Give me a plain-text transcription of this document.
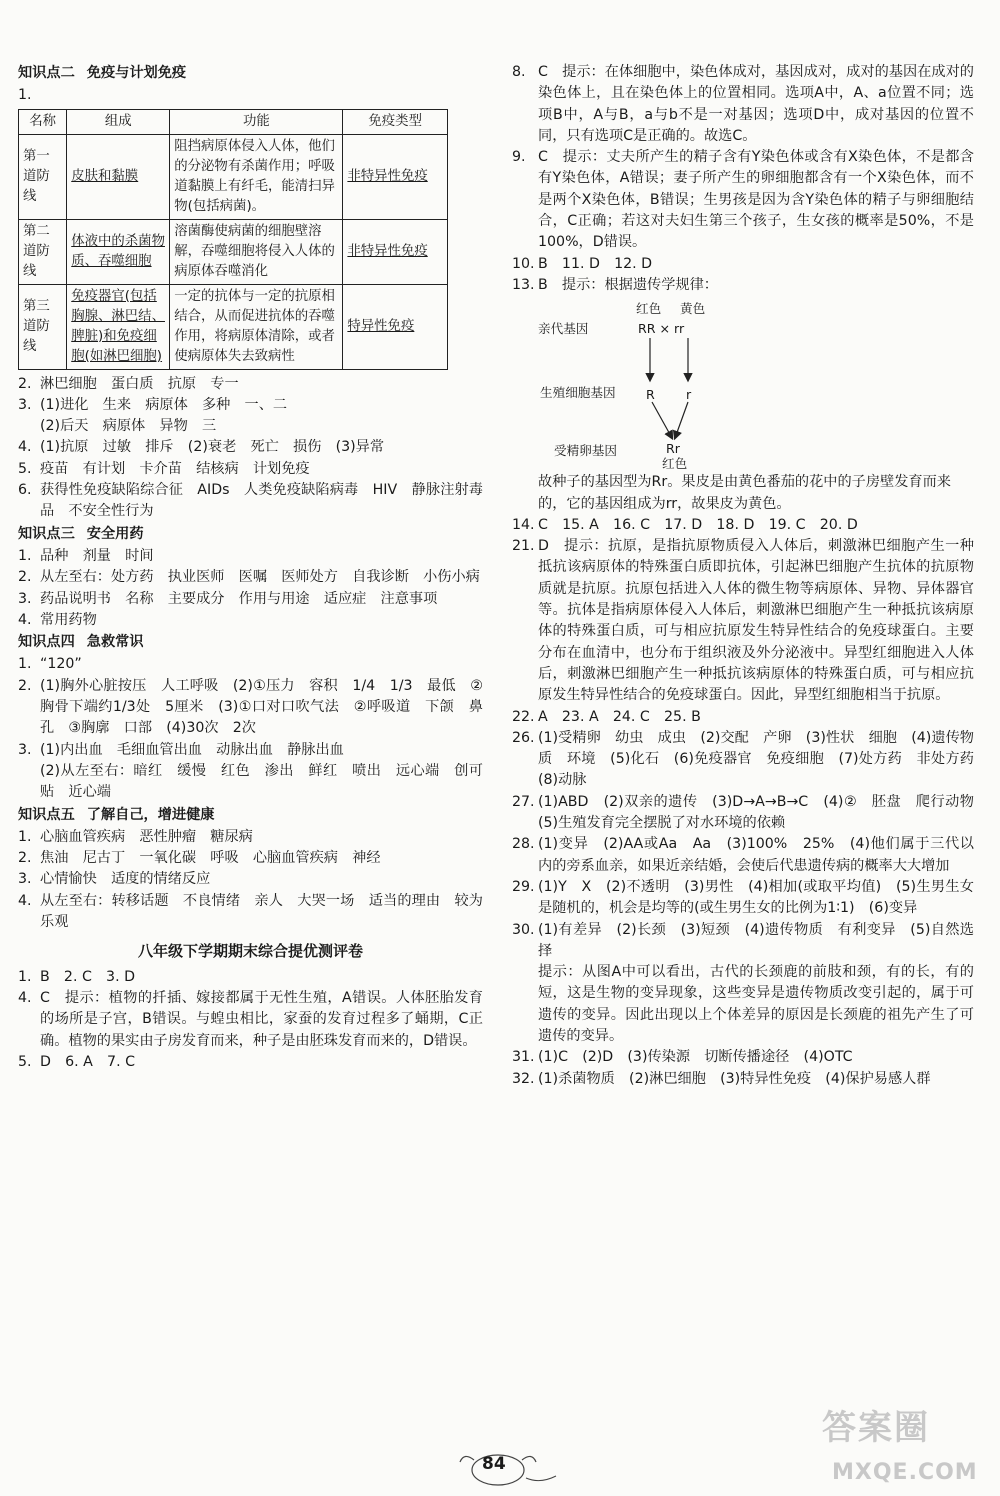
知识点二 免疫与计划免疫
1.
名称	组成	功能	免疫类型
第一道防线	皮肤和黏膜	阻挡病原体侵入人体，他们的分泌物有杀菌作用；呼吸道黏膜上有纤毛，能清扫异物(包括病菌)。	非特异性免疫
第二道防线	体液中的杀菌物质、吞噬细胞	溶菌酶使病菌的细胞壁溶解，吞噬细胞将侵入人体的病原体吞噬消化	非特异性免疫
第三道防线	免疫器官(包括胸腺、淋巴结、脾脏)和免疫细胞(如淋巴细胞)	一定的抗体与一定的抗原相结合，从而促进抗体的吞噬作用，将病原体清除，或者使病原体失去致病性	特异性免疫
2. 淋巴细胞　蛋白质　抗原　专一
3. (1)进化　生来　病原体　多种　一、二
(2)后天　病原体　异物　三
4. (1)抗原　过敏　排斥　(2)衰老　死亡　损伤　(3)异常
5. 疫苗　有计划　卡介苗　结核病　计划免疫
6. 获得性免疫缺陷综合征　AIDs　人类免疫缺陷病毒　HIV　静脉注射毒品　不安全性行为
知识点三 安全用药
1. 品种　剂量　时间
2. 从左至右：处方药　执业医师　医嘱　医师处方　自我诊断　小伤小病
3. 药品说明书　名称　主要成分　作用与用途　适应症　注意事项
4. 常用药物
知识点四 急救常识
1. “120”
2. (1)胸外心脏按压　人工呼吸　(2)①压力　容积　1/4　1/3　最低　②胸骨下端约1/3处　5厘米　(3)①口对口吹气法　②呼吸道　下颌　鼻孔　③胸廓　口部　(4)30次　2次
3. (1)内出血　毛细血管出血　动脉出血　静脉出血
(2)从左至右：暗红　缓慢　红色　渗出　鲜红　喷出　远心端　创可贴　近心端
知识点五 了解自己，增进健康
1. 心脑血管疾病　恶性肿瘤　糖尿病
2. 焦油　尼古丁　一氧化碳　呼吸　心脑血管疾病　神经
3. 心情愉快　适度的情绪反应
4. 从左至右：转移话题　不良情绪　亲人　大哭一场　适当的理由　较为乐观
八年级下学期期末综合提优测评卷
1. B　2. C　3. D
4. C　提示：植物的扦插、嫁接都属于无性生殖，A错误。人体胚胎发育的场所是子宫，B错误。与蝗虫相比，家蚕的发育过程多了蛹期，C正确。植物的果实由子房发育而来，种子是由胚珠发育而来的，D错误。
5. D　6. A　7. C
8. C　提示：在体细胞中，染色体成对，基因成对，成对的基因在成对的染色体上，且在染色体上的位置相同。选项A中，A、a位置不同；选项B中，A与B，a与b不是一对基因；选项D中，成对基因的位置不同，只有选项C是正确的。故选C。
9. C　提示：丈夫所产生的精子含有Y染色体或含有X染色体，不是都含有Y染色体，A错误；妻子所产生的卵细胞都含有一个X染色体，而不是两个X染色体，B错误；生男孩是因为含Y染色体的精子与卵细胞结合，C正确；若这对夫妇生第三个孩子，生女孩的概率是50%，不是100%，D错误。
10. B　11. D　12. D
13. B　提示：根据遗传学规律：
红色 黄色
亲代基因	RR × rr
生殖细胞基因 R r
受精卵基因	Rr
红色
故种子的基因型为Rr。果皮是由黄色番茄的花中的子房壁发育而来的，它的基因组成为rr，故果皮为黄色。
14. C　15. A　16. C　17. D　18. D　19. C　20. D
21. D　提示：抗原，是指抗原物质侵入人体后，刺激淋巴细胞产生一种抵抗该病原体的特殊蛋白质即抗体，引起淋巴细胞产生抗体的抗原物质就是抗原。抗原包括进入人体的微生物等病原体、异物、异体器官等。抗体是指病原体侵入人体后，刺激淋巴细胞产生一种抵抗该病原体的特殊蛋白质，可与相应抗原发生特异性结合的免疫球蛋白。主要分布在血清中，也分布于组织液及外分泌液中。异型红细胞进入人体后，刺激淋巴细胞产生一种抵抗该病原体的特殊蛋白质，可与相应抗原发生特异性结合的免疫球蛋白。因此，异型红细胞相当于抗原。
22. A　23. A　24. C　25. B
26. (1)受精卵　幼虫　成虫　(2)交配　产卵　(3)性状　细胞　(4)遗传物质　环境　(5)化石　(6)免疫器官　免疫细胞　(7)处方药　非处方药　(8)动脉
27. (1)ABD　(2)双亲的遗传　(3)D→A→B→C　(4)②　胚盘　爬行动物　(5)生殖发育完全摆脱了对水环境的依赖
28. (1)变异　(2)AA或Aa　Aa　(3)100%　25%　(4)他们属于三代以内的旁系血亲，如果近亲结婚，会使后代患遗传病的概率大大增加
29. (1)Y　X　(2)不透明　(3)男性　(4)相加(或取平均值)　(5)生男生女是随机的，机会是均等的(或生男生女的比例为1∶1)　(6)变异
30. (1)有差异　(2)长颈　(3)短颈　(4)遗传物质　有利变异　(5)自然选择
提示：从图A中可以看出，古代的长颈鹿的前肢和颈，有的长，有的短，这是生物的变异现象，这些变异是遗传物质改变引起的，属于可遗传的变异。因此出现以上个体差异的原因是长颈鹿的祖先产生了可遗传的变异。
31. (1)C　(2)D　(3)传染源　切断传播途径　(4)OTC
32. (1)杀菌物质　(2)淋巴细胞　(3)特异性免疫　(4)保护易感人群
84
答案圈
MXQE.COM
